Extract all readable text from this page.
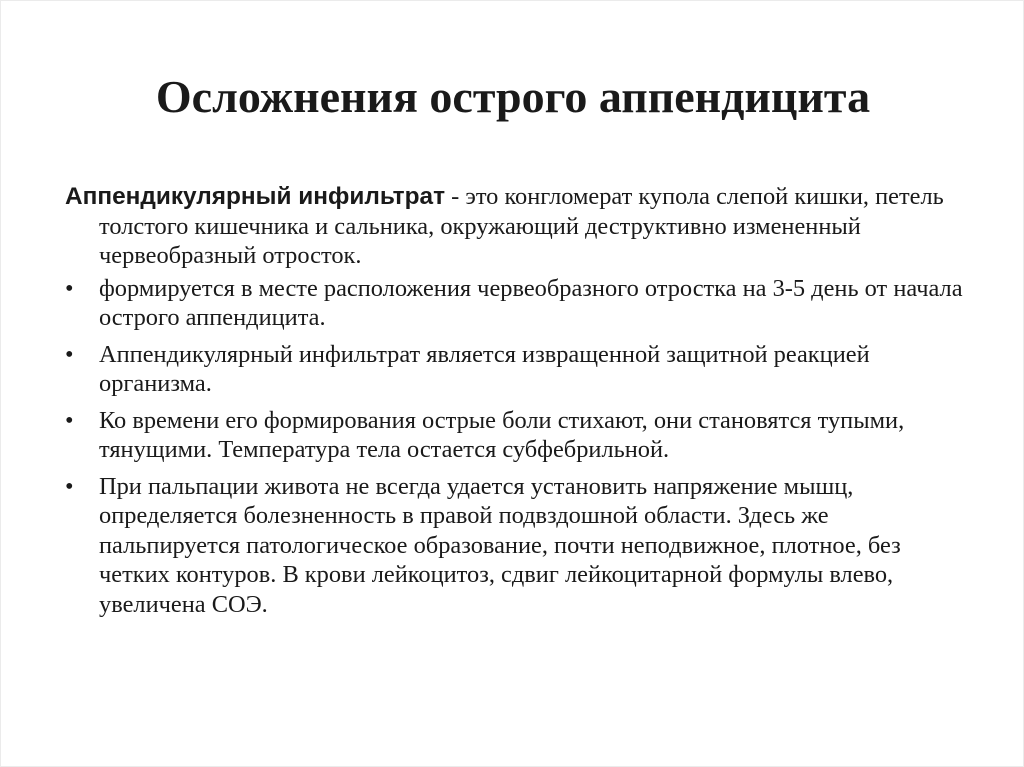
Осложнения острого аппендицита

Аппендикулярный инфильтрат - это конгломерат купола слепой кишки, петель толстого кишечника и сальника, окружающий деструктивно измененный червеобразный отросток.

•	формируется в месте расположения червеобразного отростка на 3-5 день от начала острого аппендицита.
•	Аппендикулярный инфильтрат является извращенной защитной реакцией организма.
•	Ко времени его формирования острые боли стихают, они становятся тупыми, тянущими. Температура тела остается субфебрильной.
•	При пальпации живота не всегда удается установить напряжение мышц, определяется болезненность в правой подвздошной области. Здесь же пальпируется патологическое образование, почти неподвижное, плотное, без четких контуров. В крови лейкоцитоз, сдвиг лейкоцитарной формулы влево, увеличена СОЭ.
